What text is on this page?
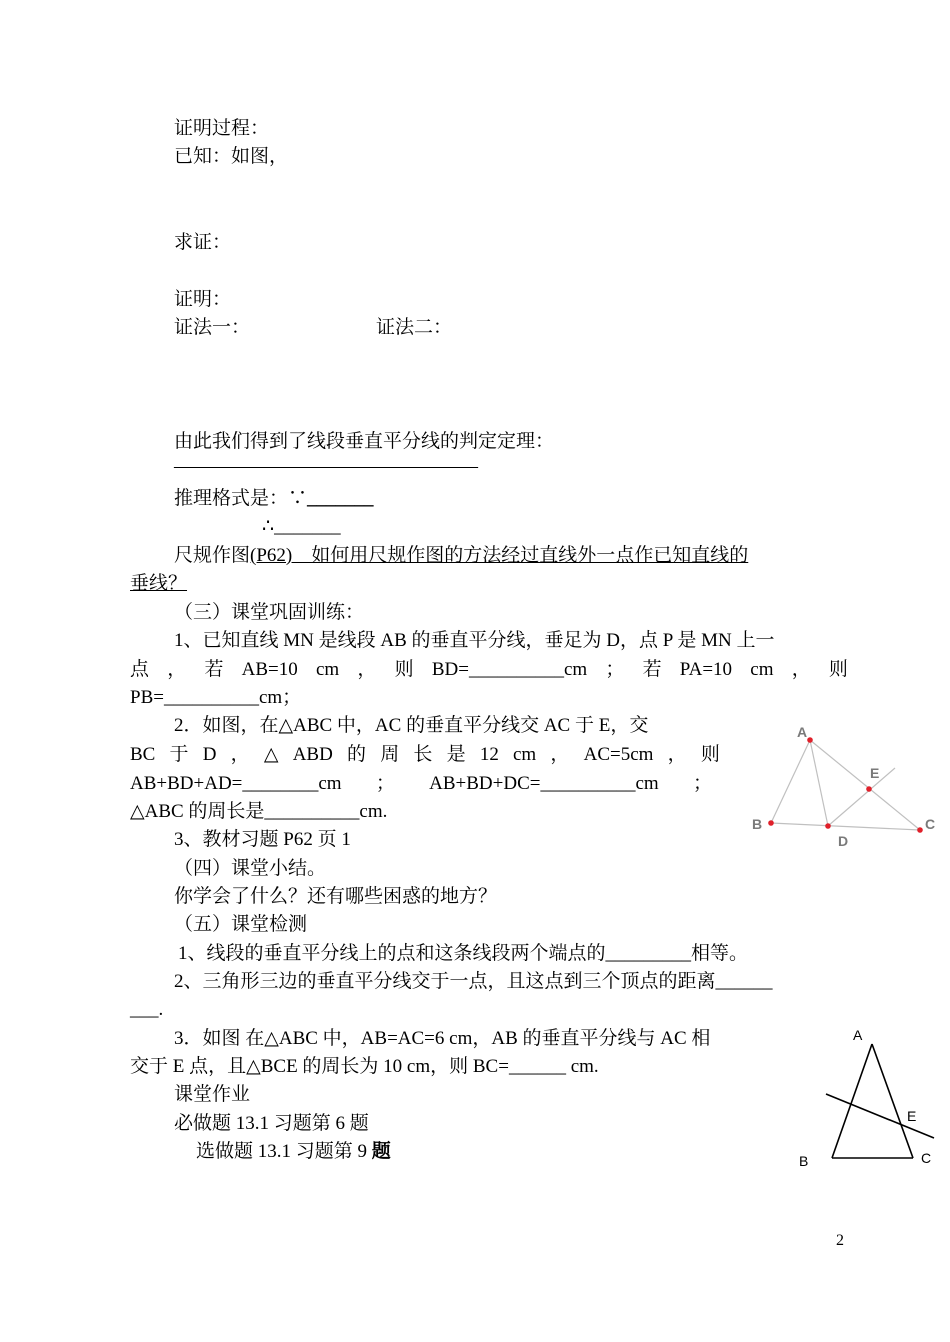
证明过程：
已知：如图，
求证：
证明：
证法一：	证法二：
由此我们得到了线段垂直平分线的判定定理：
————————————————
推理格式是：∵_______
∴_______
尺规作图(P62)　如何用尺规作图的方法经过直线外一点作已知直线的
垂线？
（三）课堂巩固训练：
1、已知直线 MN 是线段 AB 的垂直平分线，垂足为 D，点 P 是 MN 上一
点 ， 若 AB=10 cm ， 则 BD=__________cm ； 若 PA=10 cm ， 则
PB=__________cm；
2．如图，在△ABC 中，AC 的垂直平分线交 AC 于 E，交
BC 于 D ， △ ABD 的 周 长 是 12 cm ， AC=5cm ， 则
AB+BD+AD=________cm ； AB+BD+DC=__________cm ；
△ABC 的周长是__________cm.
3、教材习题 P62 页 1
（四）课堂小结。
你学会了什么？还有哪些困惑的地方？
（五）课堂检测
1、线段的垂直平分线上的点和这条线段两个端点的_________相等。
2、三角形三边的垂直平分线交于一点，且这点到三个顶点的距离______
___.
3．如图 在△ABC 中，AB=AC=6 cm，AB 的垂直平分线与 AC 相
交于 E 点，且△BCE 的周长为 10 cm，则 BC=______ cm.
课堂作业
必做题 13.1 习题第 6 题
选做题 13.1 习题第 9 题
A
B	C
D
E
A
B	C
E
2
